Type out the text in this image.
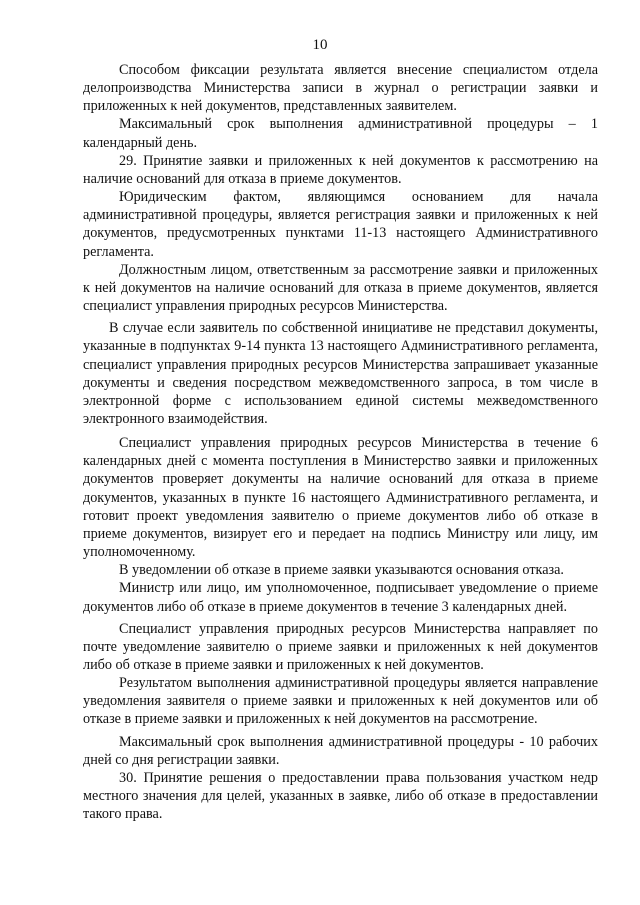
10

Способом фиксации результата является внесение специалистом отдела делопроизводства Министерства записи в журнал о регистрации заявки и приложенных к ней документов, представленных заявителем.

Максимальный срок выполнения административной процедуры – 1 календарный день.

29. Принятие заявки и приложенных к ней документов к рассмотрению на наличие оснований для отказа в приеме документов.

Юридическим фактом, являющимся основанием для начала административной процедуры, является регистрация заявки и приложенных к ней документов, предусмотренных пунктами 11-13 настоящего Административного регламента.

Должностным лицом, ответственным за рассмотрение заявки и приложенных к ней документов на наличие оснований для отказа в приеме документов, является специалист управления природных ресурсов Министерства.

В случае если заявитель по собственной инициативе не представил документы, указанные в подпунктах 9-14 пункта 13 настоящего Административного регламента, специалист управления природных ресурсов Министерства запрашивает указанные документы и сведения посредством межведомственного запроса, в том числе в электронной форме с использованием единой системы межведомственного электронного взаимодействия.

Специалист управления природных ресурсов Министерства в течение 6 календарных дней с момента поступления в Министерство заявки и приложенных документов проверяет документы на наличие оснований для отказа в приеме документов, указанных в пункте 16 настоящего Административного регламента, и готовит проект уведомления заявителю о приеме документов либо об отказе в приеме документов, визирует его и передает на подпись Министру или лицу, им уполномоченному.

В уведомлении об отказе в приеме заявки указываются основания отказа.

Министр или лицо, им уполномоченное, подписывает уведомление о приеме документов либо об отказе в приеме документов в течение 3 календарных дней.

Специалист управления природных ресурсов Министерства направляет по почте уведомление заявителю о приеме заявки и приложенных к ней документов либо об отказе в приеме заявки и приложенных к ней документов.

Результатом выполнения административной процедуры является направление уведомления заявителя о приеме заявки и приложенных к ней документов или об отказе в приеме заявки и приложенных к ней документов на рассмотрение.

Максимальный срок выполнения административной процедуры - 10 рабочих дней со дня регистрации заявки.

30. Принятие решения о предоставлении права пользования участком недр местного значения для целей, указанных в заявке, либо об отказе в предоставлении такого права.
